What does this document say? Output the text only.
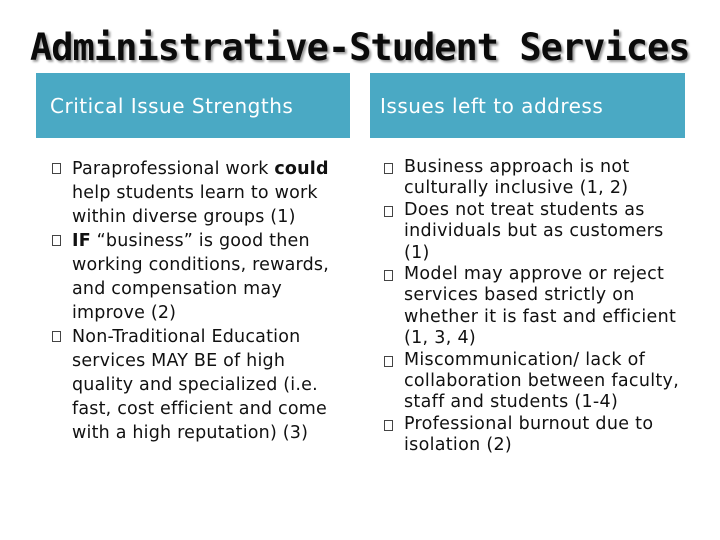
Administrative-Student Services
Critical Issue Strengths	Issues left to address
Paraprofessional work could help students learn to work within diverse groups (1)
IF “business” is good then working conditions, rewards, and compensation may improve (2)
Non-Traditional Education services MAY BE of high quality and specialized (i.e. fast, cost efficient and come with a high reputation) (3)
Business approach is not culturally inclusive (1, 2)
Does not treat students as individuals but as customers (1)
Model may approve or reject services based strictly on whether it is fast and efficient (1, 3, 4)
Miscommunication/ lack of collaboration between faculty, staff and students (1-4)
Professional burnout due to isolation (2)
